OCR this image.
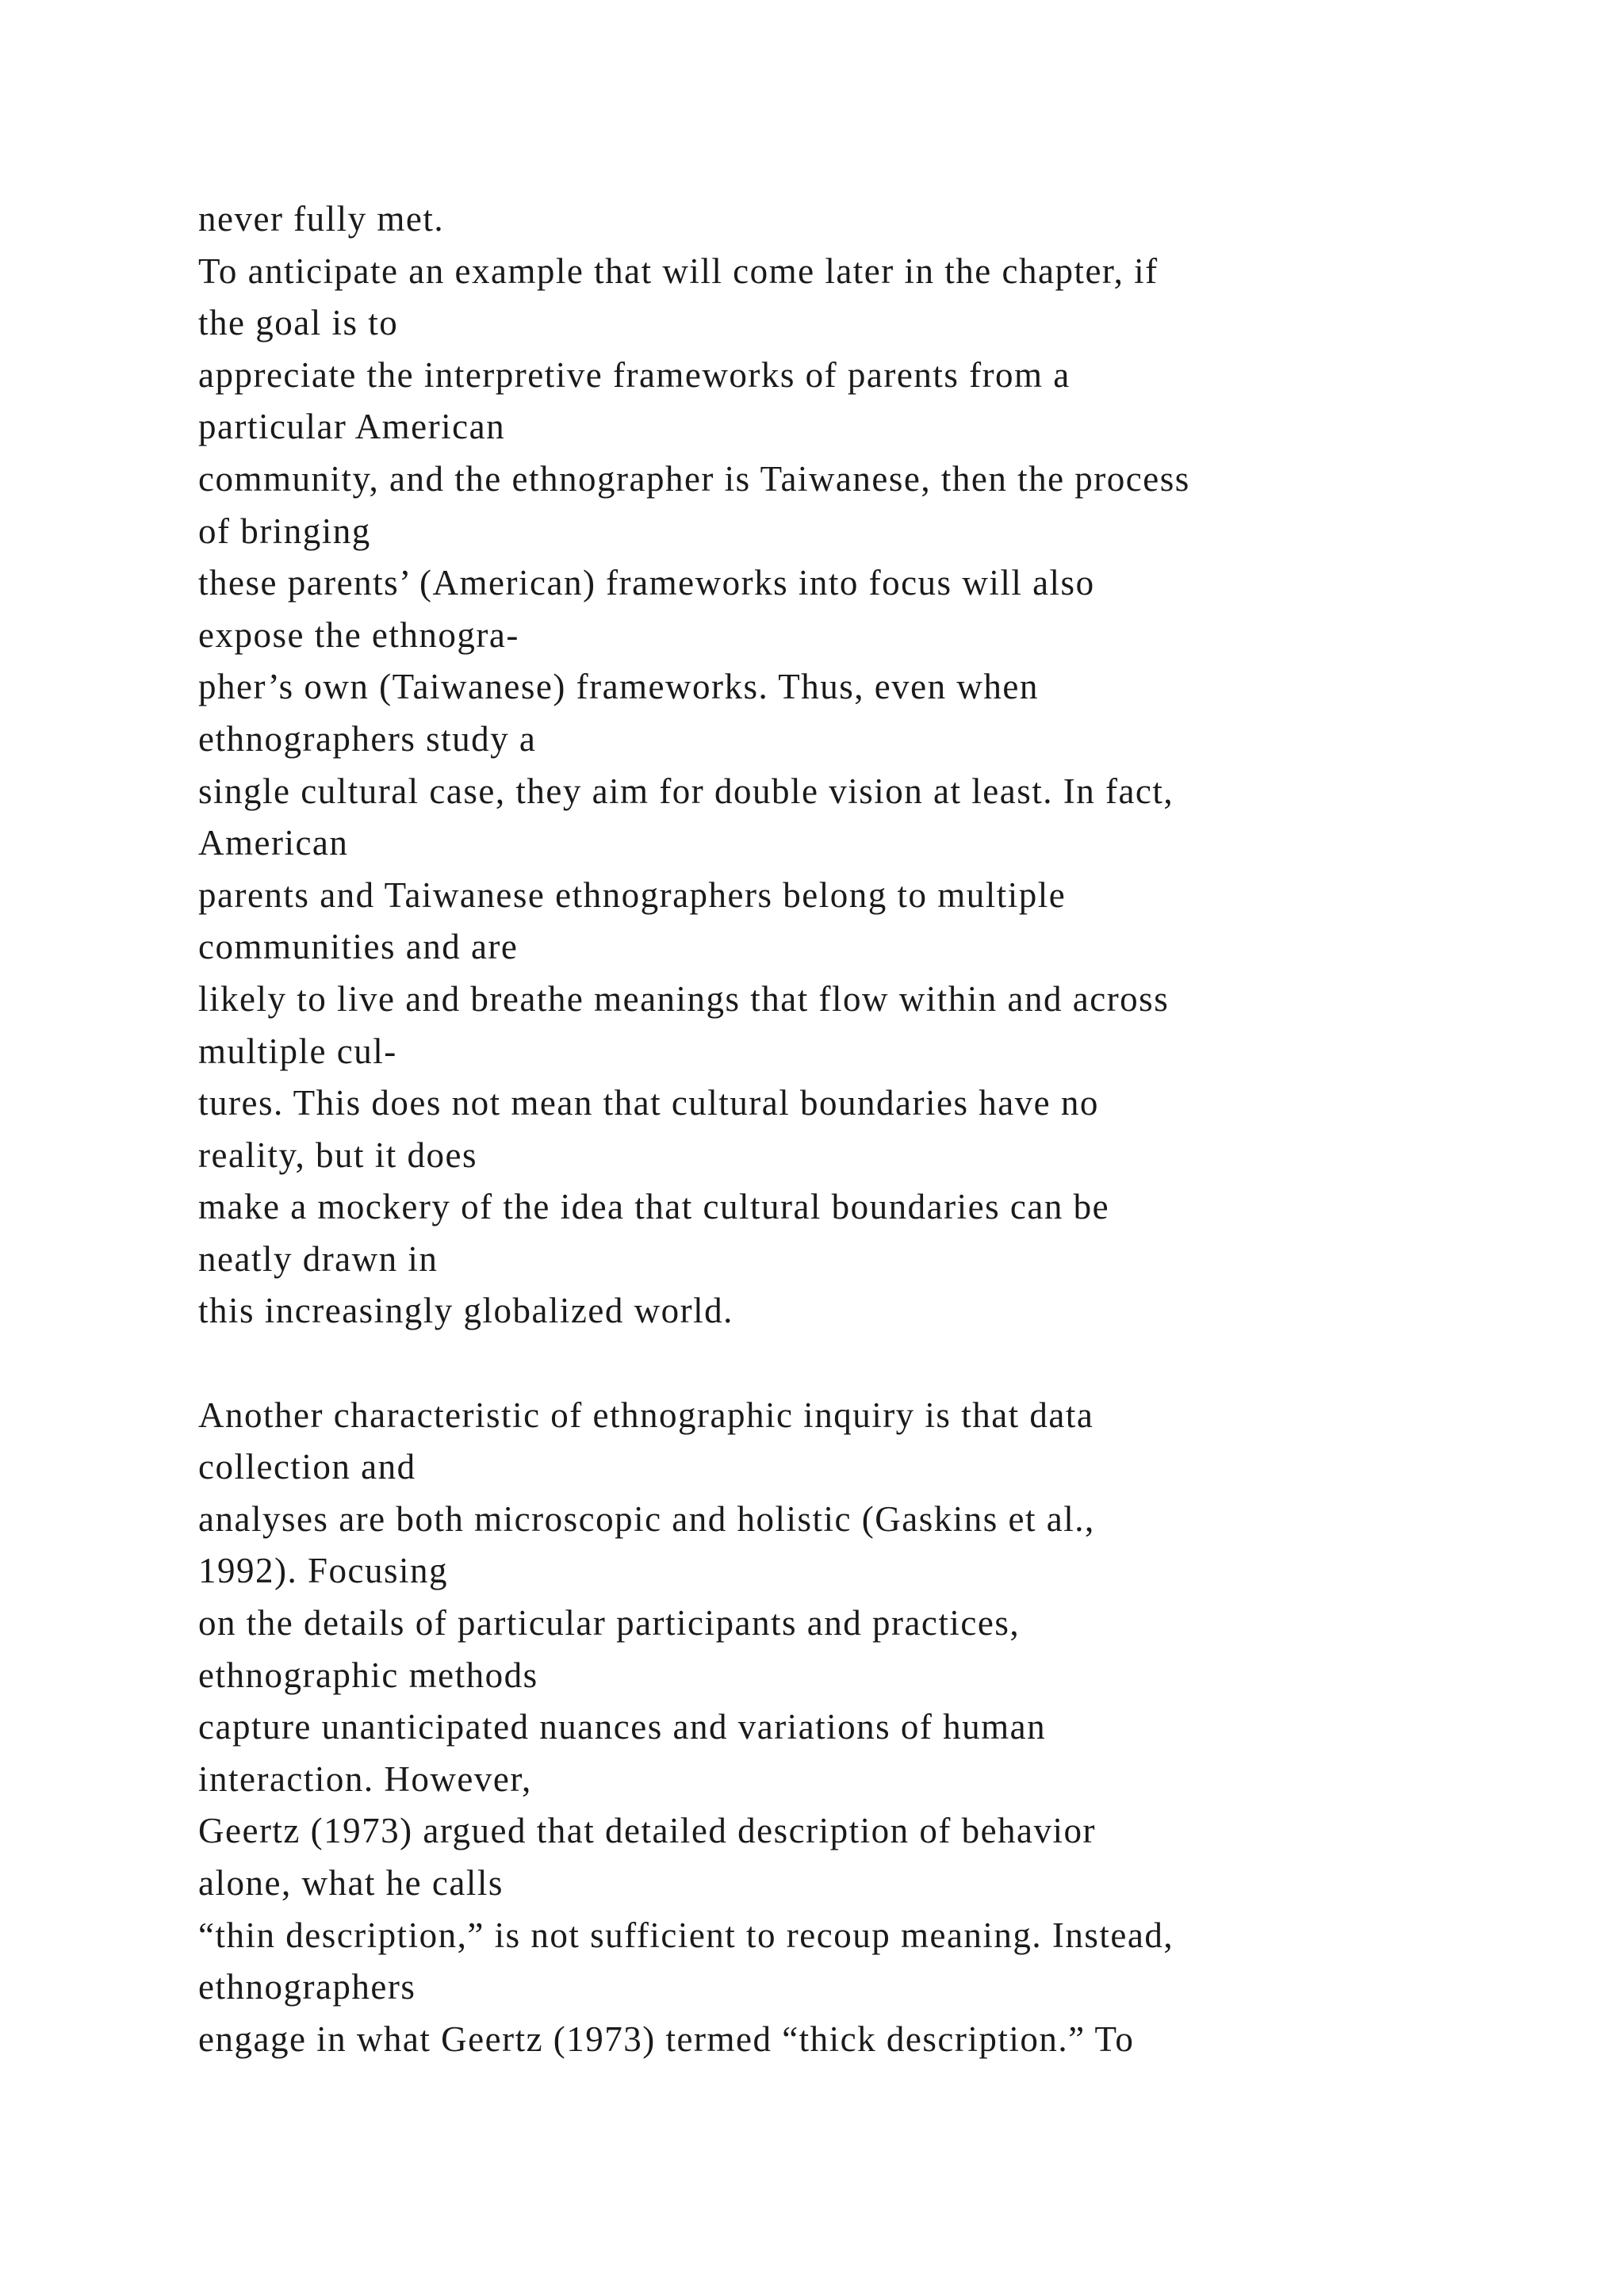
never fully met.
To anticipate an example that will come later in the chapter, if
the goal is to
appreciate the interpretive frameworks of parents from a
particular American
community, and the ethnographer is Taiwanese, then the process
of bringing
these parents’ (American) frameworks into focus will also
expose the ethnogra-
pher’s own (Taiwanese) frameworks. Thus, even when
ethnographers study a
single cultural case, they aim for double vision at least. In fact,
American
parents and Taiwanese ethnographers belong to multiple
communities and are
likely to live and breathe meanings that flow within and across
multiple cul-
tures. This does not mean that cultural boundaries have no
reality, but it does
make a mockery of the idea that cultural boundaries can be
neatly drawn in
this increasingly globalized world.
Another characteristic of ethnographic inquiry is that data
collection and
analyses are both microscopic and holistic (Gaskins et al.,
1992). Focusing
on the details of particular participants and practices,
ethnographic methods
capture unanticipated nuances and variations of human
interaction. However,
Geertz (1973) argued that detailed description of behavior
alone, what he calls
“thin description,” is not sufficient to recoup meaning. Instead,
ethnographers
engage in what Geertz (1973) termed “thick description.” To
